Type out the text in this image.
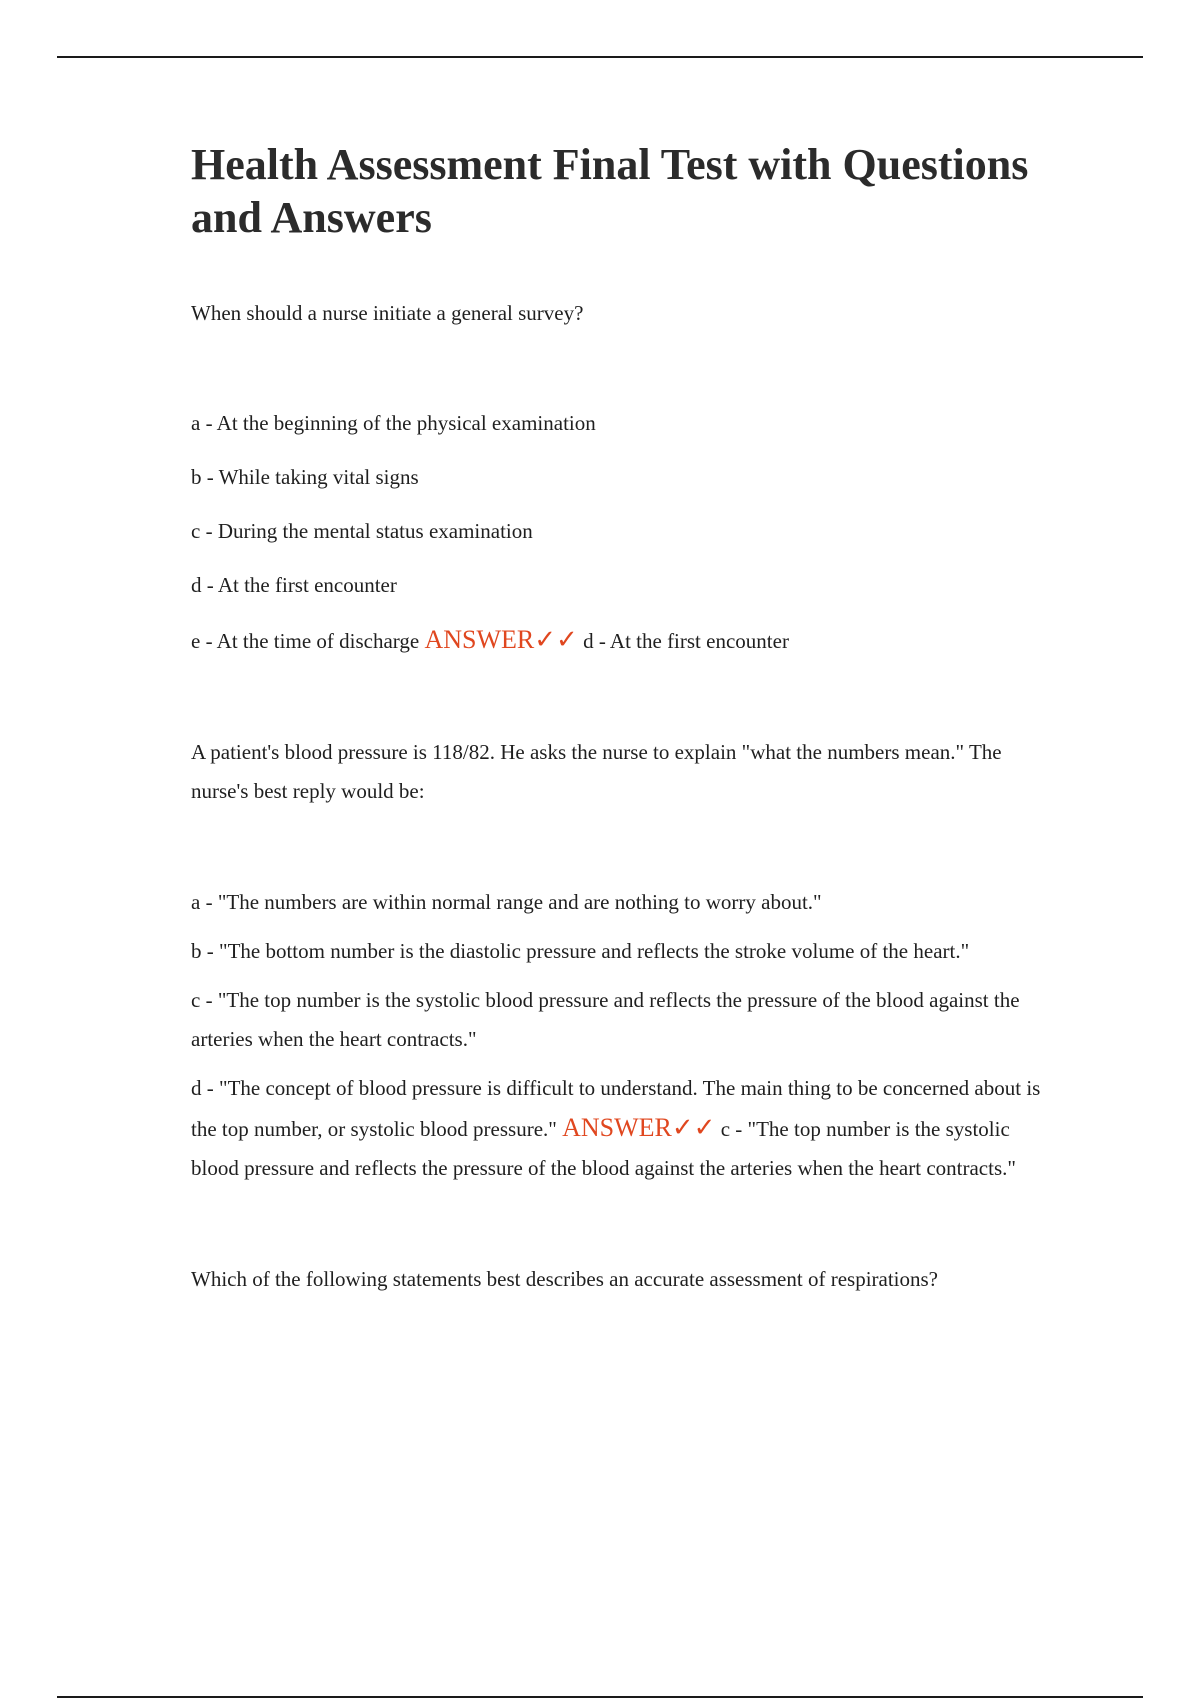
Health Assessment Final Test with Questions and Answers

When should a nurse initiate a general survey?

a - At the beginning of the physical examination

b - While taking vital signs

c - During the mental status examination

d - At the first encounter

e - At the time of discharge ANSWER✓✓ d - At the first encounter

A patient's blood pressure is 118/82. He asks the nurse to explain "what the numbers mean." The nurse's best reply would be:

a - "The numbers are within normal range and are nothing to worry about."

b - "The bottom number is the diastolic pressure and reflects the stroke volume of the heart."

c - "The top number is the systolic blood pressure and reflects the pressure of the blood against the arteries when the heart contracts."

d - "The concept of blood pressure is difficult to understand. The main thing to be concerned about is the top number, or systolic blood pressure." ANSWER✓✓ c - "The top number is the systolic blood pressure and reflects the pressure of the blood against the arteries when the heart contracts."

Which of the following statements best describes an accurate assessment of respirations?
